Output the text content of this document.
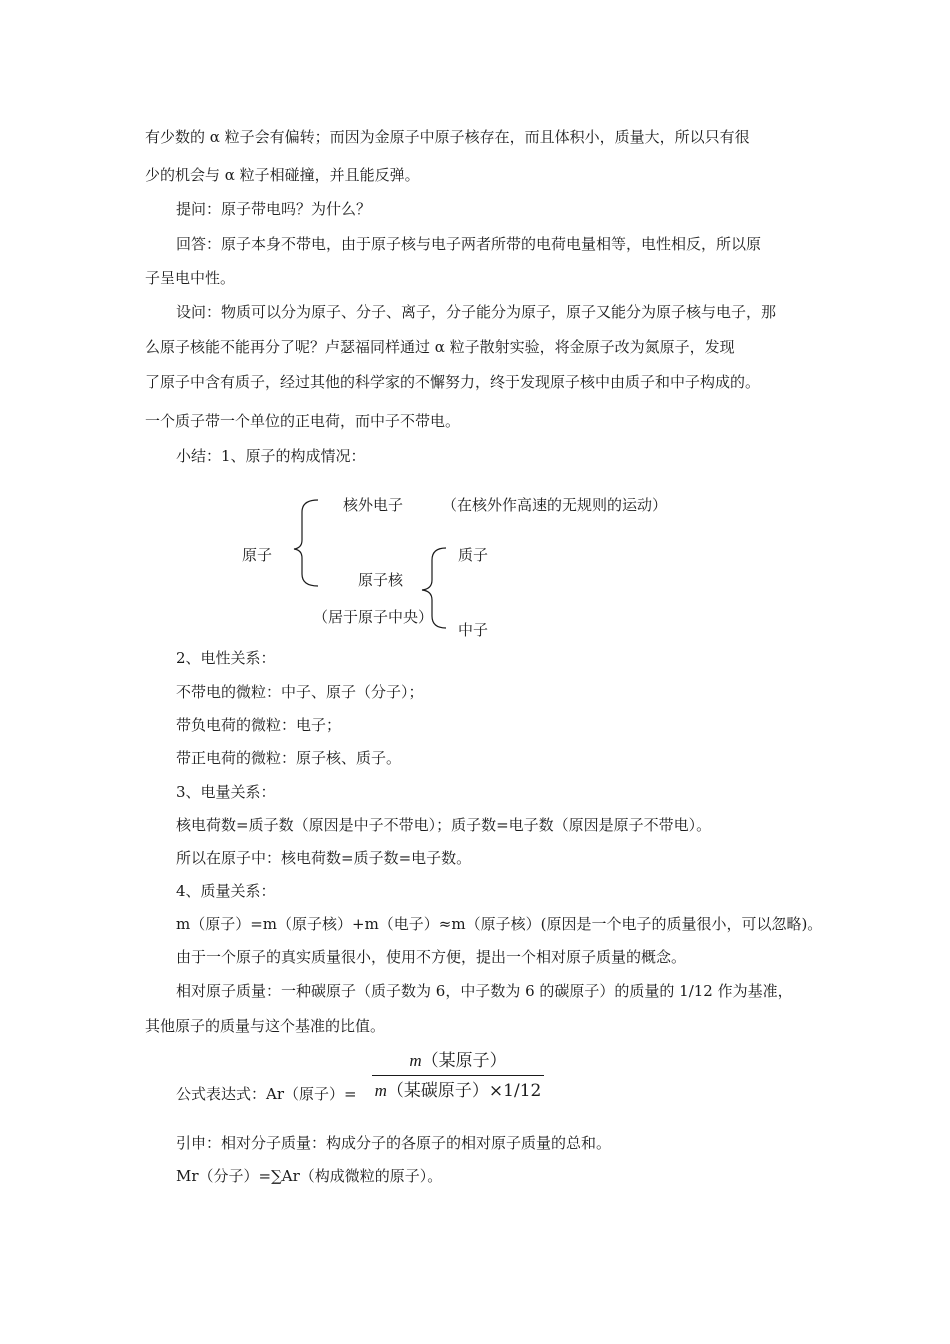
有少数的 α 粒子会有偏转；而因为金原子中原子核存在，而且体积小，质量大，所以只有很
少的机会与 α 粒子相碰撞，并且能反弹。
提问：原子带电吗？为什么？
回答：原子本身不带电，由于原子核与电子两者所带的电荷电量相等，电性相反，所以原
子呈电中性。
设问：物质可以分为原子、分子、离子，分子能分为原子，原子又能分为原子核与电子，那
么原子核能不能再分了呢？卢瑟福同样通过 α 粒子散射实验，将金原子改为氮原子，发现
了原子中含有质子，经过其他的科学家的不懈努力，终于发现原子核中由质子和中子构成的。
一个质子带一个单位的正电荷，而中子不带电。
小结：1、原子的构成情况：
原子
核外电子	（在核外作高速的无规则的运动）
原子核
（居于原子中央）
质子
中子
2、电性关系：
不带电的微粒：中子、原子（分子）；
带负电荷的微粒：电子；
带正电荷的微粒：原子核、质子。
3、电量关系：
核电荷数=质子数（原因是中子不带电）；质子数=电子数（原因是原子不带电）。
所以在原子中：核电荷数=质子数=电子数。
4、质量关系：
m（原子）=m（原子核）+m（电子）≈m（原子核）(原因是一个电子的质量很小，可以忽略)。
由于一个原子的真实质量很小，使用不方便，提出一个相对原子质量的概念。
相对原子质量：一种碳原子（质子数为 6，中子数为 6 的碳原子）的质量的 1/12 作为基准，
其他原子的质量与这个基准的比值。
公式表达式：Ar（原子）=
m（某原子）
m（某碳原子）×1/12
引申：相对分子质量：构成分子的各原子的相对原子质量的总和。
Mr（分子）=∑Ar（构成微粒的原子）。
